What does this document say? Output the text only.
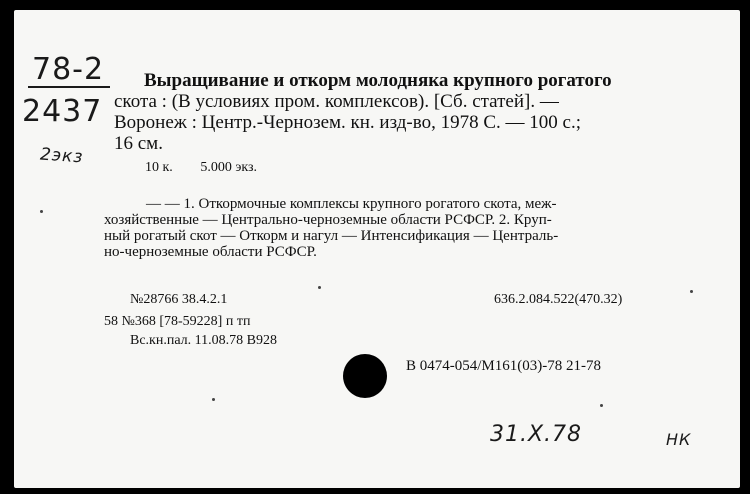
78-2
2437
2экз
Выращивание и откорм молодняка крупного рогатого
скота : (В условиях пром. комплексов). [Сб. статей]. —
Воронеж : Центр.-Чернозем. кн. изд-во, 1978 С. — 100 с.;
16 см.
10 к. 5.000 экз.
— — 1. Откормочные комплексы крупного рогатого скота, меж-
хозяйственные — Центрально-черноземные области РСФСР. 2. Круп-
ный рогатый скот — Откорм и нагул — Интенсификация — Централь-
но-черноземные области РСФСР.
№28766 38.4.2.1
58 №368 [78-59228] п тп
Вс.кн.пал. 11.08.78 В928
636.2.084.522(470.32)
В 0474-054/М161(03)-78 21-78
31.X.78	НК
